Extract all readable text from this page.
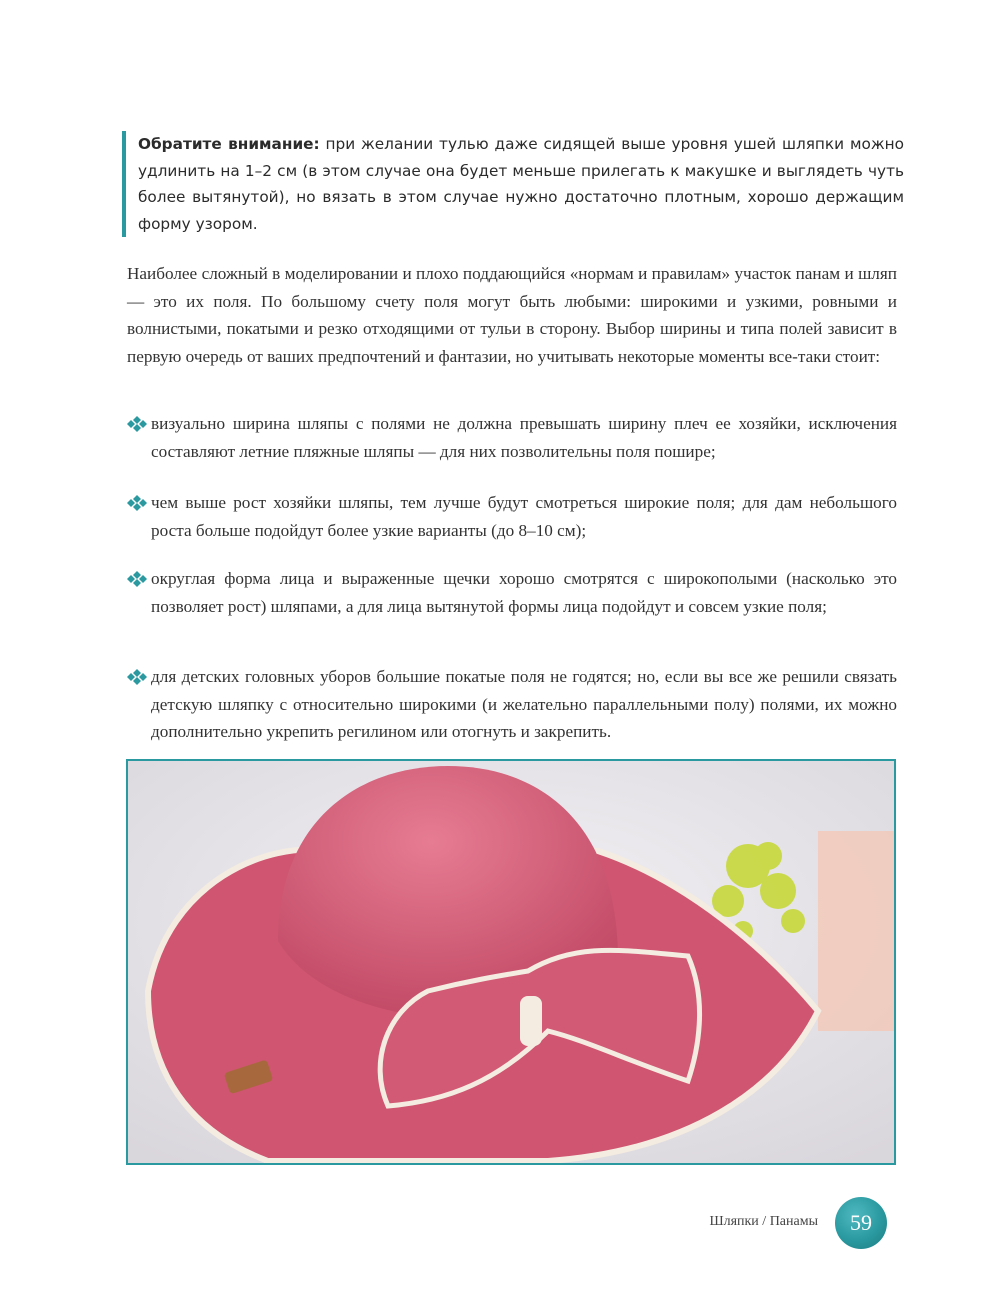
Обратите внимание: при желании тулью даже сидящей выше уровня ушей шляпки можно удлинить на 1–2 см (в этом случае она будет меньше прилегать к макушке и выглядеть чуть более вытянутой), но вязать в этом случае нужно достаточно плотным, хорошо держащим форму узором.
Наиболее сложный в моделировании и плохо поддающийся «нормам и правилам» участок панам и шляп — это их поля. По большому счету поля могут быть любыми: широкими и узкими, ровными и волнистыми, покатыми и резко отходящими от тульи в сторону. Выбор ширины и типа полей зависит в первую очередь от ваших предпочтений и фантазии, но учитывать некоторые моменты все-таки стоит:
визуально ширина шляпы с полями не должна превышать ширину плеч ее хозяйки, исключения составляют летние пляжные шляпы — для них позволительны поля пошире;
чем выше рост хозяйки шляпы, тем лучше будут смотреться широкие поля; для дам небольшого роста больше подойдут более узкие варианты (до 8–10 см);
округлая форма лица и выраженные щечки хорошо смотрятся с широкополыми (насколько это позволяет рост) шляпами, а для лица вытянутой формы лица подойдут и совсем узкие поля;
для детских головных уборов большие покатые поля не годятся; но, если вы все же решили связать детскую шляпку с относительно широкими (и желательно параллельными полу) полями, их можно дополнительно укрепить регилином или отогнуть и закрепить.
Шляпки / Панамы	59
